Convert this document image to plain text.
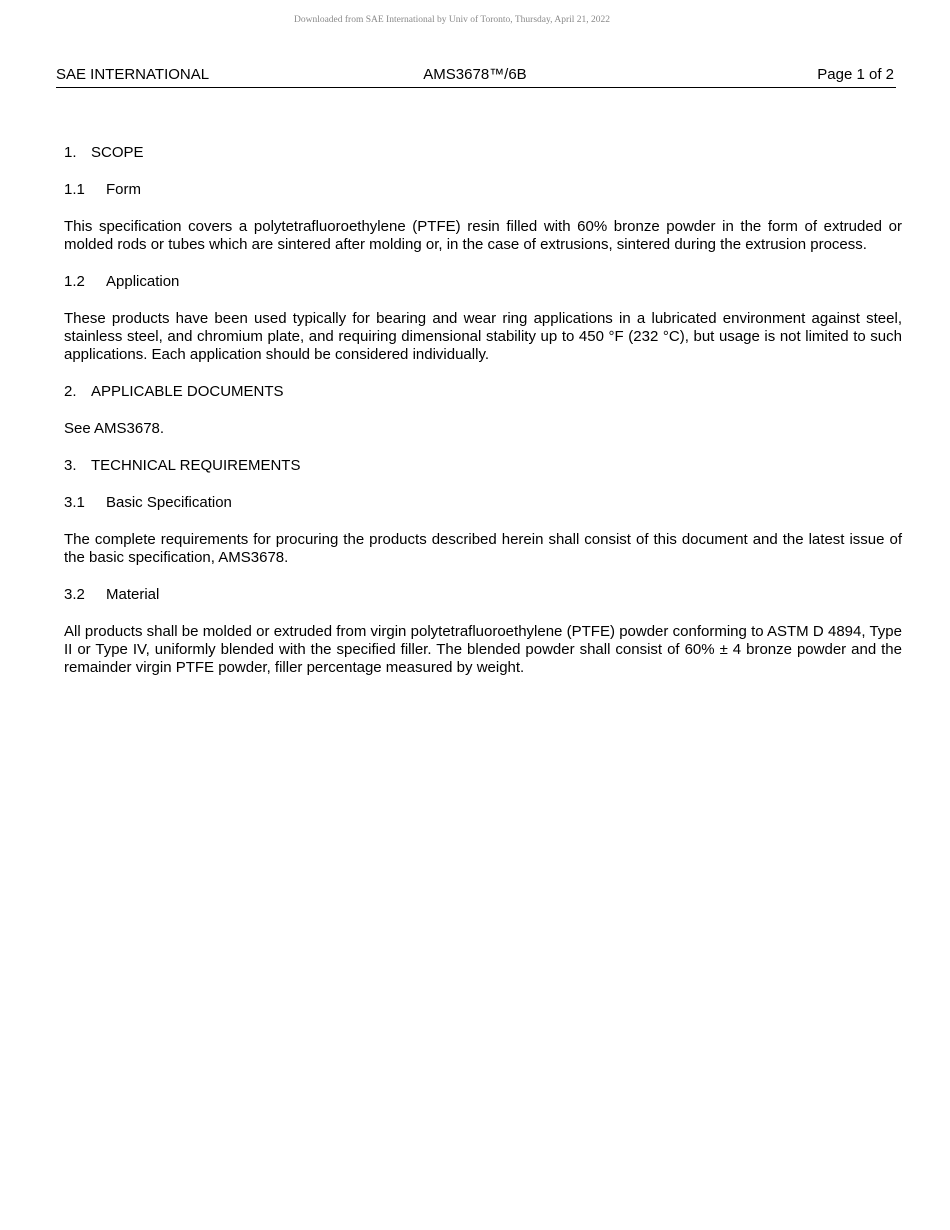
Downloaded from SAE International by Univ of Toronto, Thursday, April 21, 2022
SAE INTERNATIONAL	AMS3678™/6B	Page 1 of 2
1. SCOPE
1.1 Form

This specification covers a polytetrafluoroethylene (PTFE) resin filled with 60% bronze powder in the form of extruded or molded rods or tubes which are sintered after molding or, in the case of extrusions, sintered during the extrusion process.

1.2 Application

These products have been used typically for bearing and wear ring applications in a lubricated environment against steel, stainless steel, and chromium plate, and requiring dimensional stability up to 450 °F (232 °C), but usage is not limited to such applications. Each application should be considered individually.

2. APPLICABLE DOCUMENTS

See AMS3678.

3. TECHNICAL REQUIREMENTS
3.1 Basic Specification

The complete requirements for procuring the products described herein shall consist of this document and the latest issue of the basic specification, AMS3678.

3.2 Material

All products shall be molded or extruded from virgin polytetrafluoroethylene (PTFE) powder conforming to ASTM D 4894, Type II or Type IV, uniformly blended with the specified filler. The blended powder shall consist of 60% ± 4 bronze powder and the remainder virgin PTFE powder, filler percentage measured by weight.
